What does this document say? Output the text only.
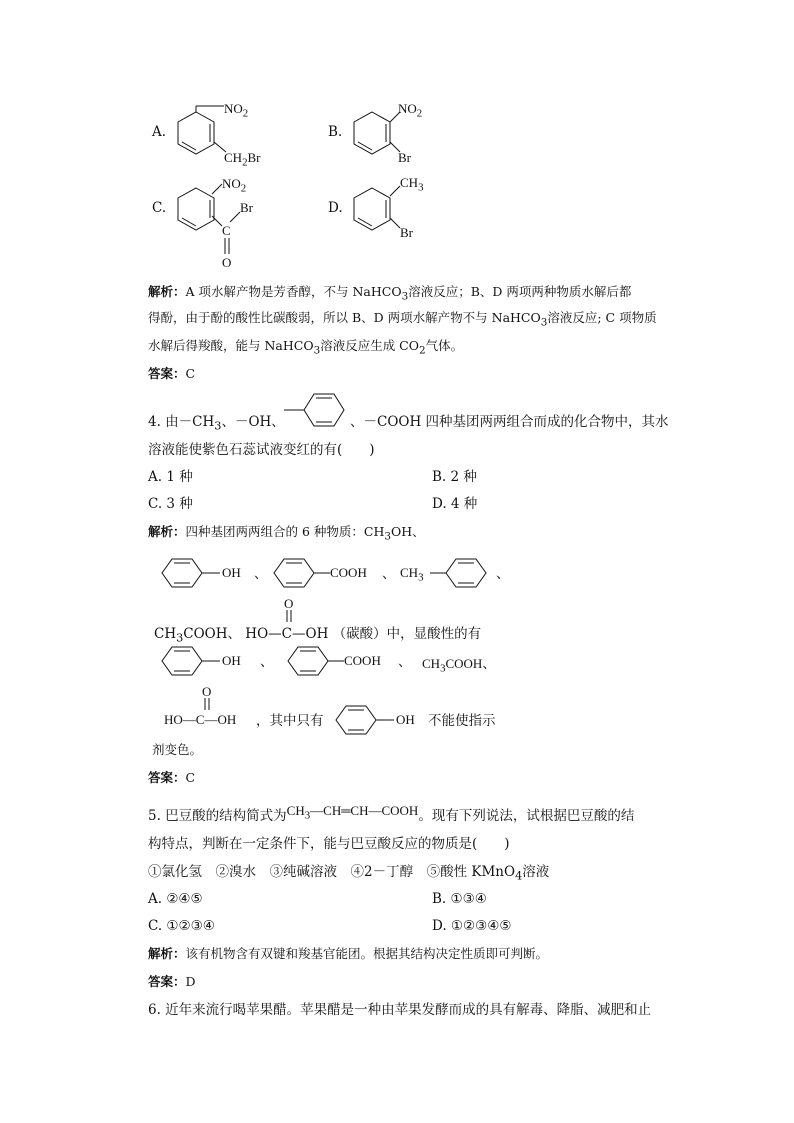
A.
$NO_2$
$CH_2Br$
B.
$NO_2$
Br
C.
$NO_2$
C
Br
O
D.
$CH_3$
Br
解析：A 项水解产物是芳香醇，不与 NaHCO$_3$溶液反应；B、D 两项两种物质水解后都
得酚，由于酚的酸性比碳酸弱，所以 B、D 两项水解产物不与 NaHCO$_3$溶液反应; C 项物质
水解后得羧酸，能与 NaHCO$_3$溶液反应生成 $CO_2$气体。
答案：C
4. 由$-CH_3$、－OH、	、－COOH 四种基团两两组合而成的化合物中，其水
溶液能使紫色石蕊试液变红的有(　　)
A. 1 种	B. 2 种
C. 3 种	D. 4 种
解析：四种基团两两组合的 6 种物质：$CH_3OH$、
OH 、	COOH 、 $CH_3$	、
O
$CH_3COOH$、 HO—C—OH （碳酸）中，显酸性的有
OH 、	COOH 、 $CH_3COOH$、
O
HO—C—OH ，其中只有	OH 不能使指示
剂变色。
答案：C
5. 巴豆酸的结构简式为$CH_3—CH═CH—COOH$。现有下列说法，试根据巴豆酸的结
构特点，判断在一定条件下，能与巴豆酸反应的物质是(　　)
①氯化氢　②溴水　③纯碱溶液　④2－丁醇　⑤酸性 KMnO$_4$溶液
A. ②④⑤	B. ①③④
C. ①②③④	D. ①②③④⑤
解析：该有机物含有双键和羧基官能团。根据其结构决定性质即可判断。
答案：D
6. 近年来流行喝苹果醋。苹果醋是一种由苹果发酵而成的具有解毒、降脂、减肥和止
